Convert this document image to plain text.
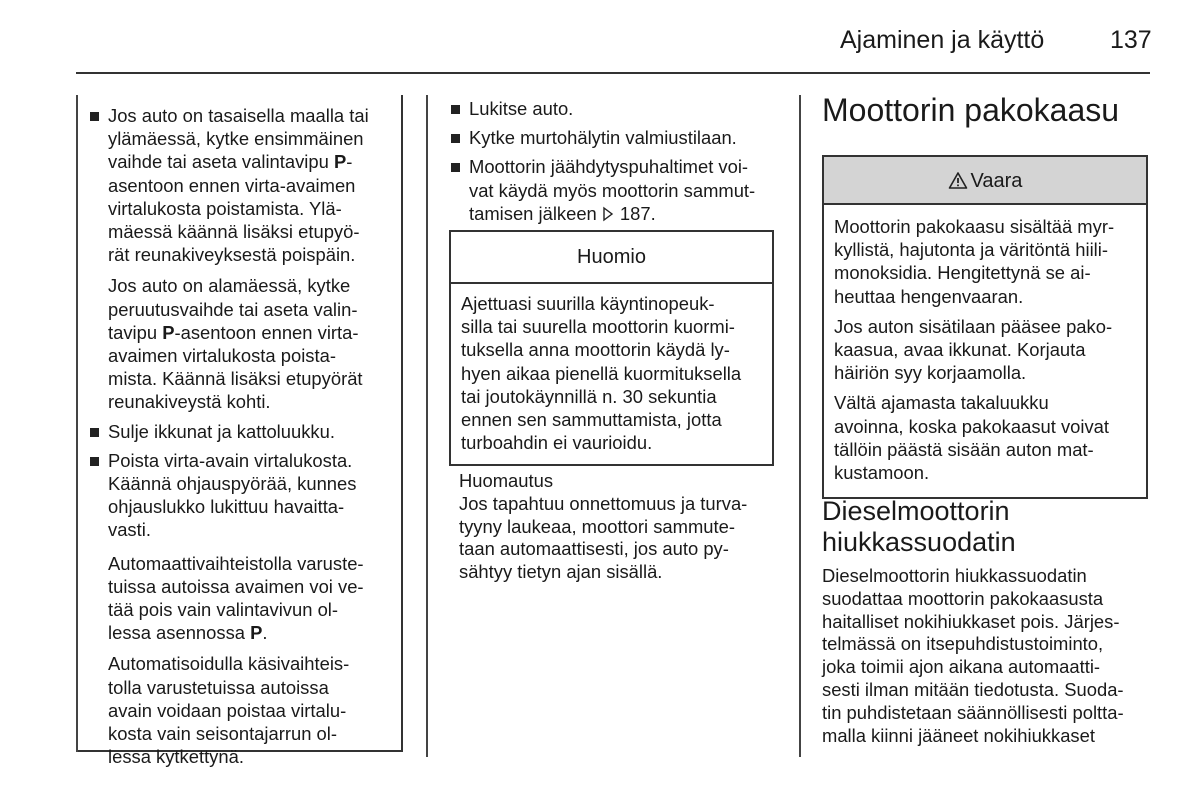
Ajaminen ja käyttö	137
Jos auto on tasaisella maalla tai
ylämäessä, kytke ensimmäinen
vaihde tai aseta valintavipu P-
asentoon ennen virta-avaimen
virtalukosta poistamista. Ylä-
mäessä käännä lisäksi etupyö-
rät reunakiveyksestä poispäin.
Jos auto on alamäessä, kytke
peruutusvaihde tai aseta valin-
tavipu P-asentoon ennen virta-
avaimen virtalukosta poista-
mista. Käännä lisäksi etupyörät
reunakiveystä kohti.
Sulje ikkunat ja kattoluukku.
Poista virta-avain virtalukosta.
Käännä ohjauspyörää, kunnes
ohjauslukko lukittuu havaitta-
vasti.
Automaattivaihteistolla varuste-
tuissa autoissa avaimen voi ve-
tää pois vain valintavivun ol-
lessa asennossa P.
Automatisoidulla käsivaihteis-
tolla varustetuissa autoissa
avain voidaan poistaa virtalu-
kosta vain seisontajarrun ol-
lessa kytkettynä.
Lukitse auto.
Kytke murtohälytin valmiustilaan.
Moottorin jäähdytyspuhaltimet voi-
vat käydä myös moottorin sammut-
tamisen jälkeen 187.
Huomio
Ajettuasi suurilla käyntinopeuk-
silla tai suurella moottorin kuormi-
tuksella anna moottorin käydä ly-
hyen aikaa pienellä kuormituksella
tai joutokäynnillä n. 30 sekuntia
ennen sen sammuttamista, jotta
turboahdin ei vaurioidu.
Huomautus
Jos tapahtuu onnettomuus ja turva-
tyyny laukeaa, moottori sammute-
taan automaattisesti, jos auto py-
sähtyy tietyn ajan sisällä.
Moottorin pakokaasu
Vaara

Moottorin pakokaasu sisältää myr-
kyllistä, hajutonta ja väritöntä hiili-
monoksidia. Hengitettynä se ai-
heuttaa hengenvaaran.

Jos auton sisätilaan pääsee pako-
kaasua, avaa ikkunat. Korjauta
häiriön syy korjaamolla.

Vältä ajamasta takaluukku
avoinna, koska pakokaasut voivat
tällöin päästä sisään auton mat-
kustamoon.

Dieselmoottorin
hiukkassuodatin
Dieselmoottorin hiukkassuodatin
suodattaa moottorin pakokaasusta
haitalliset nokihiukkaset pois. Järjes-
telmässä on itsepuhdistustoiminto,
joka toimii ajon aikana automaatti-
sesti ilman mitään tiedotusta. Suoda-
tin puhdistetaan säännöllisesti poltta-
malla kiinni jääneet nokihiukkaset
